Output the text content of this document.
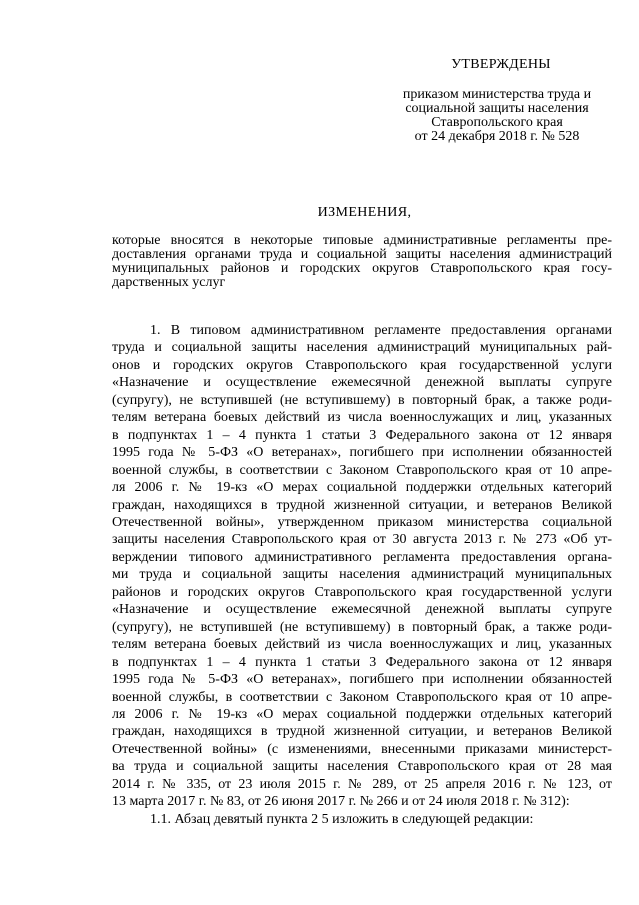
УТВЕРЖДЕНЫ
приказом министерства труда и
социальной защиты населения
Ставропольского края
от 24 декабря 2018 г. № 528
ИЗМЕНЕНИЯ,
которые вносятся в некоторые типовые административные регламенты пре-
доставления органами труда и социальной защиты населения администраций
муниципальных районов и городских округов Ставропольского края госу-
дарственных услуг
1. В типовом административном регламенте предоставления органами
труда и социальной защиты населения администраций муниципальных рай-
онов и городских округов Ставропольского края государственной услуги
«Назначение и осуществление ежемесячной денежной выплаты супруге
(супругу), не вступившей (не вступившему) в повторный брак, а также роди-
телям ветерана боевых действий из числа военнослужащих и лиц, указанных
в подпунктах 1 – 4 пункта 1 статьи 3 Федерального закона от 12 января
1995 года № 5-ФЗ «О ветеранах», погибшего при исполнении обязанностей
военной службы, в соответствии с Законом Ставропольского края от 10 апре-
ля 2006 г. № 19-кз «О мерах социальной поддержки отдельных категорий
граждан, находящихся в трудной жизненной ситуации, и ветеранов Великой
Отечественной войны», утвержденном приказом министерства социальной
защиты населения Ставропольского края от 30 августа 2013 г. № 273 «Об ут-
верждении типового административного регламента предоставления органа-
ми труда и социальной защиты населения администраций муниципальных
районов и городских округов Ставропольского края государственной услуги
«Назначение и осуществление ежемесячной денежной выплаты супруге
(супругу), не вступившей (не вступившему) в повторный брак, а также роди-
телям ветерана боевых действий из числа военнослужащих и лиц, указанных
в подпунктах 1 – 4 пункта 1 статьи 3 Федерального закона от 12 января
1995 года № 5-ФЗ «О ветеранах», погибшего при исполнении обязанностей
военной службы, в соответствии с Законом Ставропольского края от 10 апре-
ля 2006 г. № 19-кз «О мерах социальной поддержки отдельных категорий
граждан, находящихся в трудной жизненной ситуации, и ветеранов Великой
Отечественной войны» (с изменениями, внесенными приказами министерст-
ва труда и социальной защиты населения Ставропольского края от 28 мая
2014 г. № 335, от 23 июля 2015 г. № 289, от 25 апреля 2016 г. № 123, от
13 марта 2017 г. № 83, от 26 июня 2017 г. № 266 и от 24 июля 2018 г. № 312):
1.1. Абзац девятый пункта 2 5 изложить в следующей редакции:
